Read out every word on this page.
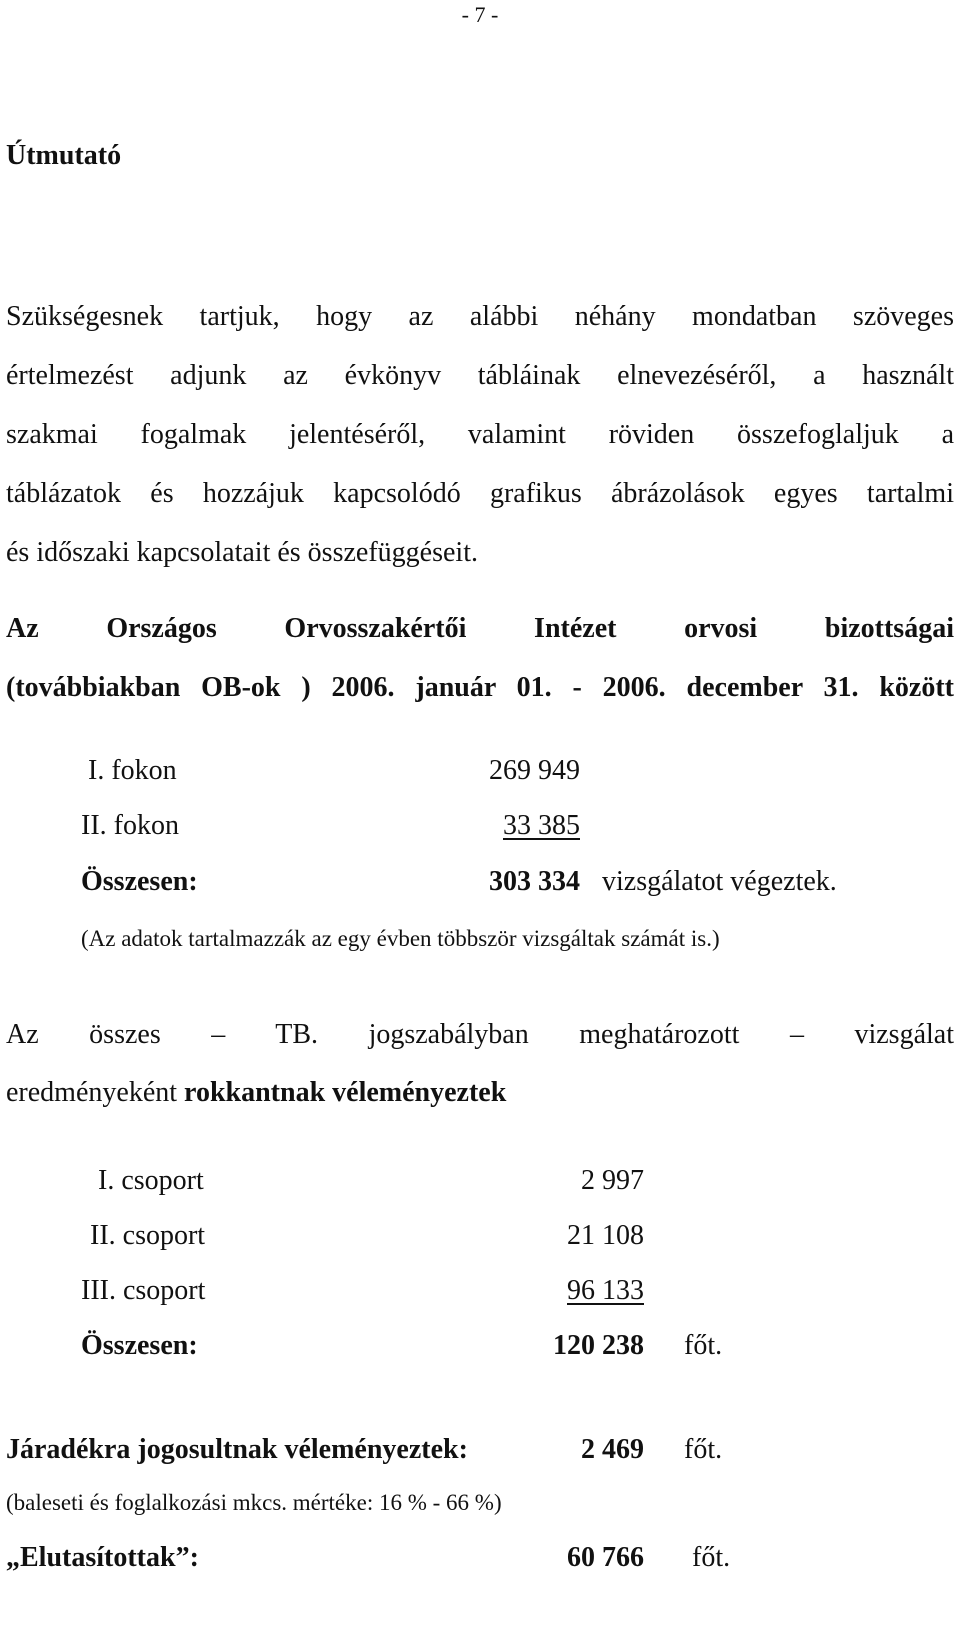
- 7 -
Útmutató
Szükségesnek tartjuk, hogy az alábbi néhány mondatban szöveges
értelmezést adjunk az évkönyv tábláinak elnevezéséről, a használt
szakmai fogalmak jelentéséről, valamint röviden összefoglaljuk a
táblázatok és hozzájuk kapcsolódó grafikus ábrázolások egyes tartalmi
és időszaki kapcsolatait és összefüggéseit.
Az Országos Orvosszakértői Intézet orvosi bizottságai
(továbbiakban OB-ok ) 2006. január 01. - 2006. december 31. között
I. fokon	269 949
II. fokon	33 385
Összesen:	303 334 vizsgálatot végeztek.
(Az adatok tartalmazzák az egy évben többször vizsgáltak számát is.)
Az összes – TB. jogszabályban meghatározott – vizsgálat
eredményeként rokkantnak véleményeztek
I. csoport	2 997
II. csoport	21 108
III. csoport	96 133
Összesen:	120 238 főt.
Járadékra jogosultnak véleményeztek:	2 469 főt.
(baleseti és foglalkozási mkcs. mértéke: 16 % - 66 %)
„Elutasítottak”:	60 766 főt.
